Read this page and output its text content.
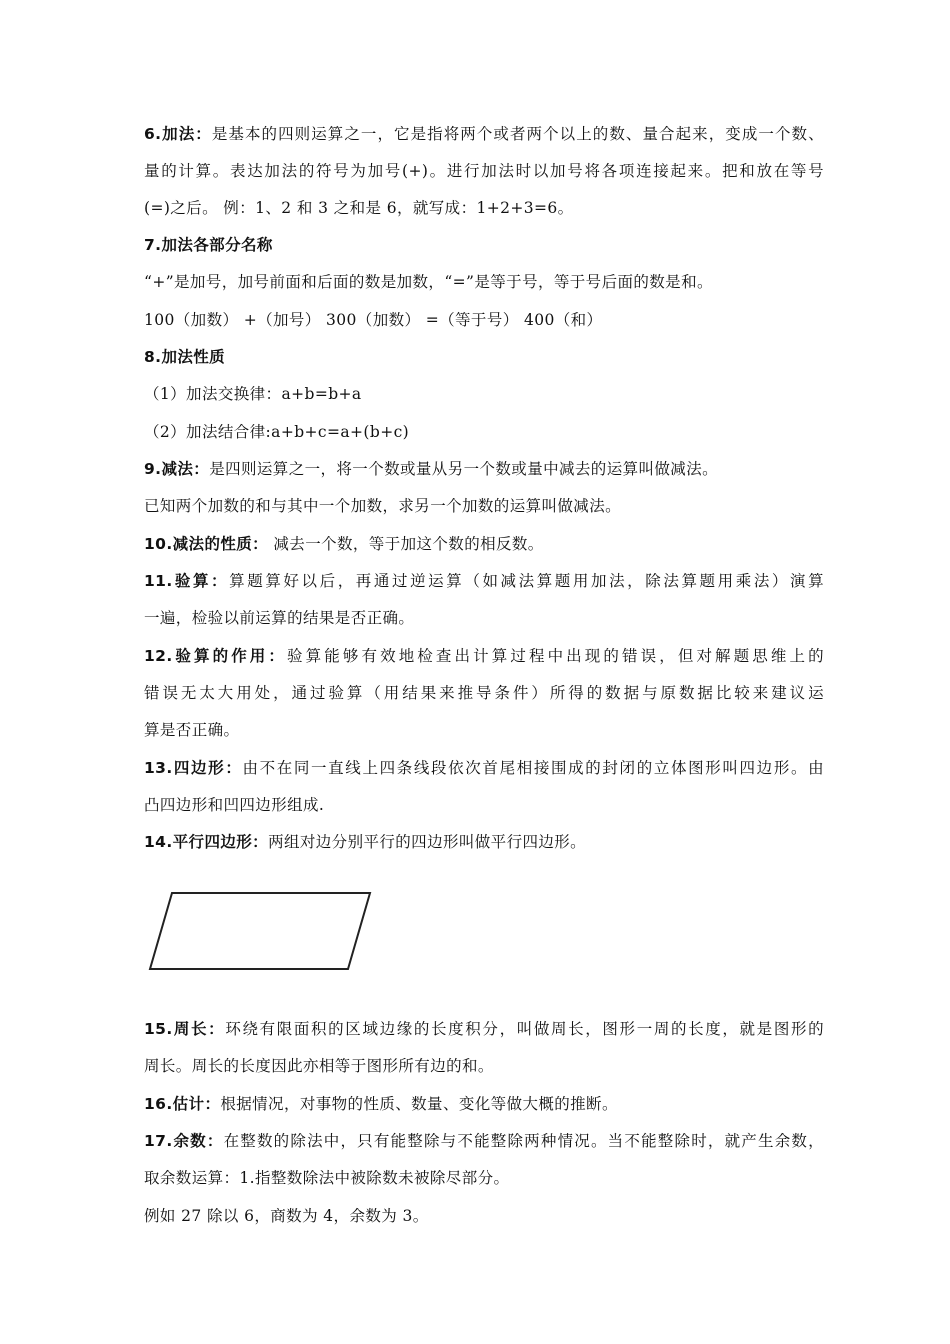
6.加法：是基本的四则运算之一，它是指将两个或者两个以上的数、量合起来，变成一个数、
量的计算。表达加法的符号为加号(+)。进行加法时以加号将各项连接起来。把和放在等号
(=)之后。 例：1、2 和 3 之和是 6，就写成：1+2+3=6。
7.加法各部分名称
“+”是加号，加号前面和后面的数是加数，“=”是等于号，等于号后面的数是和。
100（加数） +（加号） 300（加数） =（等于号） 400（和）
8.加法性质
（1）加法交换律：a+b=b+a
（2）加法结合律:a+b+c=a+(b+c)
9.减法：是四则运算之一，将一个数或量从另一个数或量中减去的运算叫做减法。
已知两个加数的和与其中一个加数，求另一个加数的运算叫做减法。
10.减法的性质： 减去一个数，等于加这个数的相反数。
11.验算：算题算好以后，再通过逆运算（如减法算题用加法，除法算题用乘法）演算
一遍，检验以前运算的结果是否正确。
12.验算的作用：验算能够有效地检查出计算过程中出现的错误，但对解题思维上的
错误无太大用处，通过验算（用结果来推导条件）所得的数据与原数据比较来建议运
算是否正确。
13.四边形：由不在同一直线上四条线段依次首尾相接围成的封闭的立体图形叫四边形。由
凸四边形和凹四边形组成.
14.平行四边形：两组对边分别平行的四边形叫做平行四边形。
15.周长：环绕有限面积的区域边缘的长度积分，叫做周长，图形一周的长度，就是图形的
周长。周长的长度因此亦相等于图形所有边的和。
16.估计：根据情况，对事物的性质、数量、变化等做大概的推断。
17.余数：在整数的除法中，只有能整除与不能整除两种情况。当不能整除时，就产生余数，
取余数运算：1.指整数除法中被除数未被除尽部分。
例如 27 除以 6，商数为 4，余数为 3。
